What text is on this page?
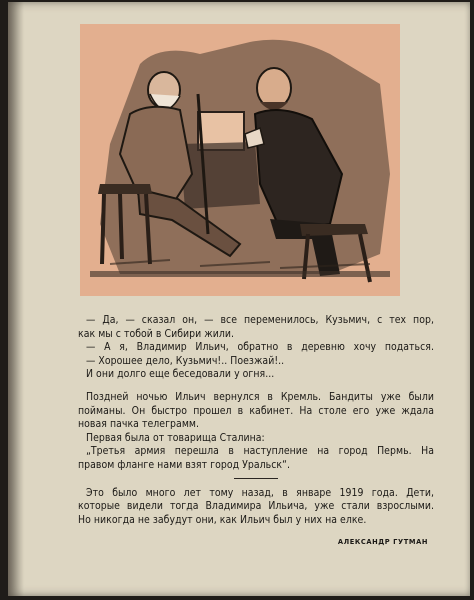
— Да, — сказал он, — все переменилось, Кузьмич, с тех пор,
как мы с тобой в Сибири жили.
— А я, Владимир Ильич, обратно в деревню хочу податься.
— Хорошее дело, Кузьмич!.. Поезжай!..
И они долго еще беседовали у огня...
Поздней ночью Ильич вернулся в Кремль. Бандиты уже были
пойманы. Он быстро прошел в кабинет. На столе его уже ждала
новая пачка телеграмм.
Первая была от товарища Сталина:
„Третья армия перешла в наступление на город Пермь. На
правом фланге нами взят город Уральск“.
Это было много лет тому назад, в январе 1919 года. Дети,
которые видели тогда Владимира Ильича, уже стали взрослыми.
Но никогда не забудут они, как Ильич был у них на елке.
АЛЕКСАНДР ГУТМАН
